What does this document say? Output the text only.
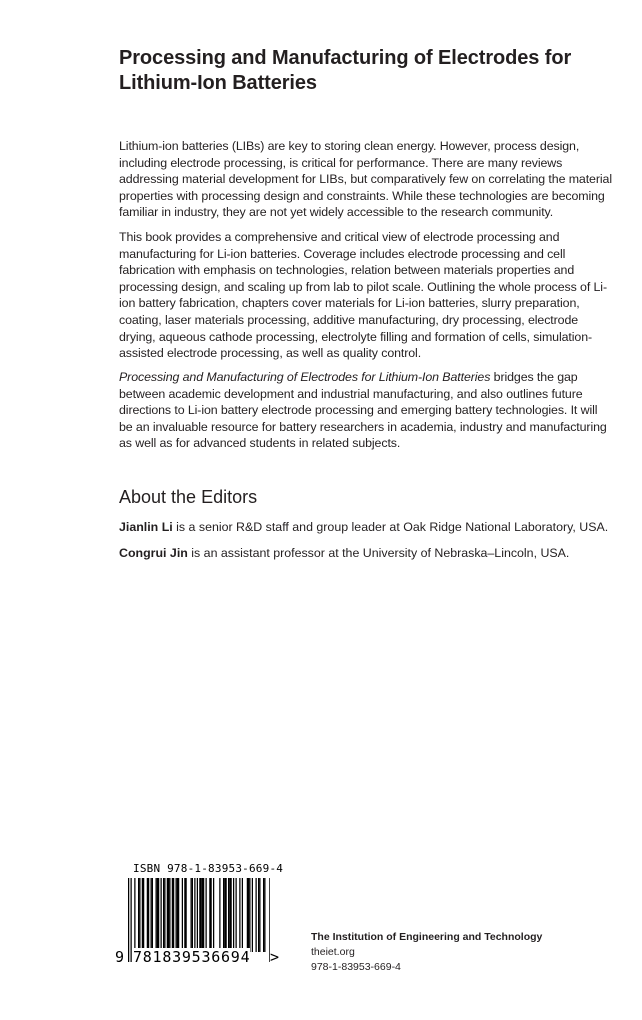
Processing and Manufacturing of Electrodes for Lithium-Ion Batteries

Lithium-ion batteries (LIBs) are key to storing clean energy. However, process design, including electrode processing, is critical for performance. There are many reviews addressing material development for LIBs, but comparatively few on correlating the material properties with processing design and constraints. While these technologies are becoming familiar in industry, they are not yet widely accessible to the research community.

This book provides a comprehensive and critical view of electrode processing and manufacturing for Li-ion batteries. Coverage includes electrode processing and cell fabrication with emphasis on technologies, relation between materials properties and processing design, and scaling up from lab to pilot scale. Outlining the whole process of Li-ion battery fabrication, chapters cover materials for Li-ion batteries, slurry preparation, coating, laser materials processing, additive manufacturing, dry processing, electrode drying, aqueous cathode processing, electrolyte filling and formation of cells, simulation-assisted electrode processing, as well as quality control.

Processing and Manufacturing of Electrodes for Lithium-Ion Batteries bridges the gap between academic development and industrial manufacturing, and also outlines future directions to Li-ion battery electrode processing and emerging battery technologies. It will be an invaluable resource for battery researchers in academia, industry and manufacturing as well as for advanced students in related subjects.

About the Editors
Jianlin Li is a senior R&D staff and group leader at Oak Ridge National Laboratory, USA.
Congrui Jin is an assistant professor at the University of Nebraska–Lincoln, USA.
ISBN 978-1-83953-669-4
9 781839536694 >
The Institution of Engineering and Technology
theiet.org
978-1-83953-669-4
